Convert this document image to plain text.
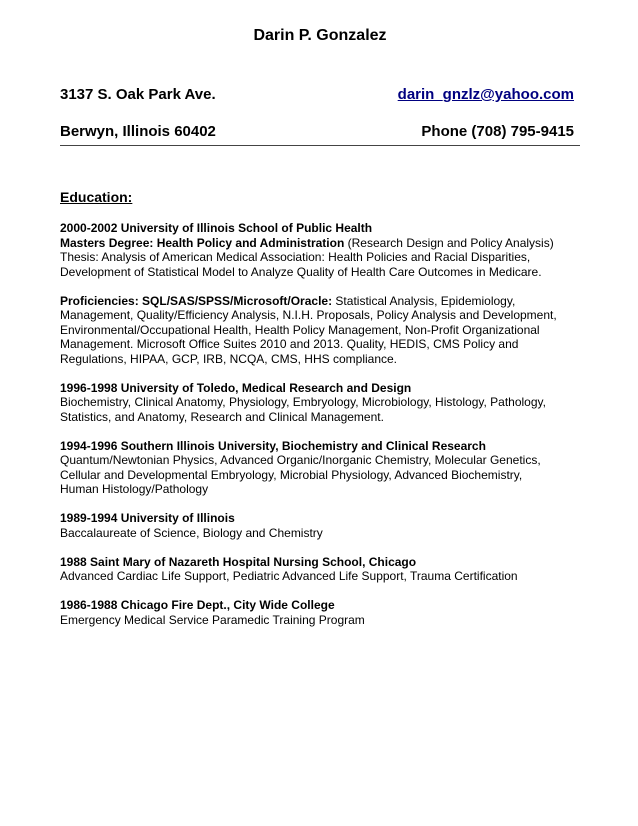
Darin P. Gonzalez
3137 S. Oak Park Ave.	darin_gnzlz@yahoo.com
Berwyn, Illinois 60402	Phone (708) 795-9415
Education:
2000-2002 University of Illinois School of Public Health
Masters Degree: Health Policy and Administration (Research Design and Policy Analysis)
Thesis: Analysis of American Medical Association: Health Policies and Racial Disparities,
Development of Statistical Model to Analyze Quality of Health Care Outcomes in Medicare.
Proficiencies: SQL/SAS/SPSS/Microsoft/Oracle: Statistical Analysis, Epidemiology,
Management, Quality/Efficiency Analysis, N.I.H. Proposals, Policy Analysis and Development,
Environmental/Occupational Health, Health Policy Management, Non-Profit Organizational
Management. Microsoft Office Suites 2010 and 2013. Quality, HEDIS, CMS Policy and
Regulations, HIPAA, GCP, IRB, NCQA, CMS, HHS compliance.
1996-1998 University of Toledo, Medical Research and Design
Biochemistry, Clinical Anatomy, Physiology, Embryology, Microbiology, Histology, Pathology,
Statistics, and Anatomy, Research and Clinical Management.
1994-1996 Southern Illinois University, Biochemistry and Clinical Research
Quantum/Newtonian Physics, Advanced Organic/Inorganic Chemistry, Molecular Genetics,
Cellular and Developmental Embryology, Microbial Physiology, Advanced Biochemistry,
Human Histology/Pathology
1989-1994 University of Illinois
Baccalaureate of Science, Biology and Chemistry
1988 Saint Mary of Nazareth Hospital Nursing School, Chicago
Advanced Cardiac Life Support, Pediatric Advanced Life Support, Trauma Certification
1986-1988 Chicago Fire Dept., City Wide College
Emergency Medical Service Paramedic Training Program
